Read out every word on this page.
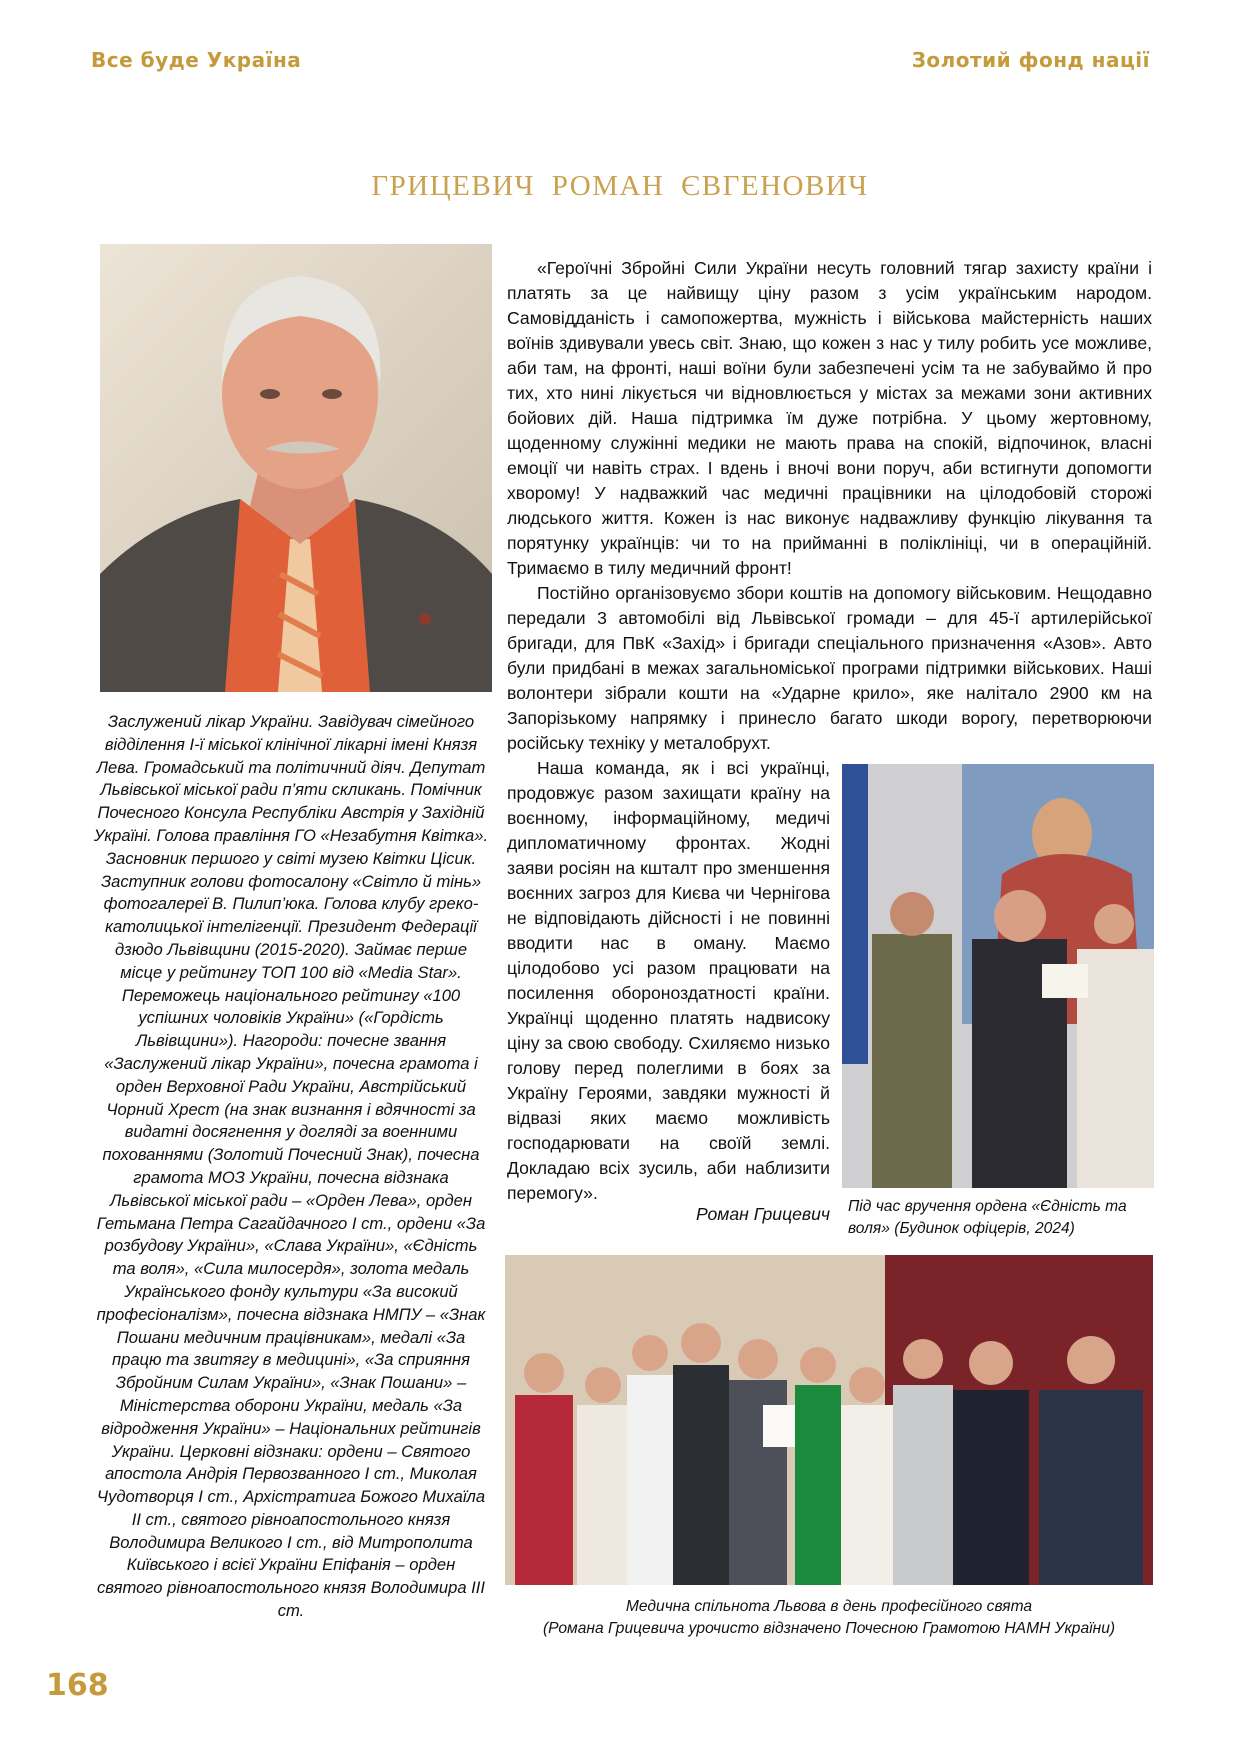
Все буде Україна	Золотий фонд нації
ГРИЦЕВИЧ РОМАН ЄВГЕНОВИЧ

Заслужений лікар України. Завідувач сімейного відділення І-ї міської клінічної лікарні імені Князя Лева. Громадський та політичний діяч. Депутат Львівської міської ради п’яти скликань. Помічник Почесного Консула Республіки Австрія у Західній Україні. Голова правління ГО «Незабутня Квітка». Засновник першого у світі музею Квітки Цісик. Заступник голови фотосалону «Світло й тінь» фотогалереї В. Пилип’юка. Голова клубу греко-католицької інтелігенції. Президент Федерації дзюдо Львівщини (2015-2020). Займає перше місце у рейтингу ТОП 100 від «Media Star». Переможець національного рейтингу «100 успішних чоловіків України» («Гордість Львівщини»). Нагороди: почесне звання «Заслужений лікар України», почесна грамота і орден Верховної Ради України, Австрійський Чорний Хрест (на знак визнання і вдячності за видатні досягнення у догляді за военними похованнями (Золотий Почесний Знак), почесна грамота МОЗ України, почесна відзнака Львівської міської ради – «Орден Лева», орден Гетьмана Петра Сагайдачного І ст., ордени «За розбудову України», «Слава України», «Єдність та воля», «Сила милосердя», золота медаль Українського фонду культури «За високий професіоналізм», почесна відзнака НМПУ – «Знак Пошани медичним працівникам», медалі «За працю та звитягу в медицині», «За сприяння Збройним Силам України», «Знак Пошани» – Міністерства оборони України, медаль «За відродження України» – Національних рейтингів України. Церковні відзнаки: ордени – Святого апостола Андрія Первозванного І ст., Миколая Чудотворця І ст., Архістратига Божого Михаїла ІІ ст., святого рівноапостольного князя Володимира Великого І ст., від Митрополита Київського і всієї України Епіфанія – орден святого рівноапостольного князя Володимира ІІІ ст.

«Героїчні Збройні Сили України несуть головний тягар захисту країни і платять за це найвищу ціну разом з усім українським народом. Самовідданість і самопожертва, мужність і військова майстерність наших воїнів здивували увесь світ. Знаю, що кожен з нас у тилу робить усе можливе, аби там, на фронті, наші воїни були забезпечені усім та не забуваймо й про тих, хто нині лікується чи відновлюється у містах за межами зони активних бойових дій. Наша підтримка їм дуже потрібна. У цьому жертовному, щоденному служінні медики не мають права на спокій, відпочинок, власні емоції чи навіть страх. І вдень і вночі вони поруч, аби встигнути допомогти хворому! У надважкий час медичні працівники на цілодобовій сторожі людського життя. Кожен із нас виконує надважливу функцію лікування та порятунку українців: чи то на прийманні в поліклініці, чи в операційній. Тримаємо в тилу медичний фронт!

Постійно організовуємо збори коштів на допомогу військовим. Нещодавно передали 3 автомобілі від Львівської громади – для 45-ї артилерійської бригади, для ПвК «Захід» і бригади спеціального призначення «Азов». Авто були придбані в межах загальноміської програми підтримки військових. Наші волонтери зібрали кошти на «Ударне крило», яке налітало 2900 км на Запорізькому напрямку і принесло багато шкоди ворогу, перетворюючи російську техніку у металобрухт.

Наша команда, як і всі українці, продовжує разом захищати країну на воєнному, інформаційному, медичі дипломатичному фронтах. Жодні заяви росіян на кшталт про зменшення воєнних загроз для Києва чи Чернігова не відповідають дійсності і не повинні вводити нас в оману. Маємо цілодобово усі разом працювати на посилення обороноздатності країни. Українці щоденно платять надвисоку ціну за свою свободу. Схиляємо низько голову перед полеглими в боях за Україну Героями, завдяки мужності й відвазі яких маємо можливість господарювати на своїй землі. Докладаю всіх зусиль, аби наблизити перемогу».

Роман Грицевич Під час вручення ордена «Єдність та воля» (Будинок офіцерів, 2024)

Медична спільнота Львова в день професійного свята
(Романа Грицевича урочисто відзначено Почесною Грамотою НАМН України)

168
